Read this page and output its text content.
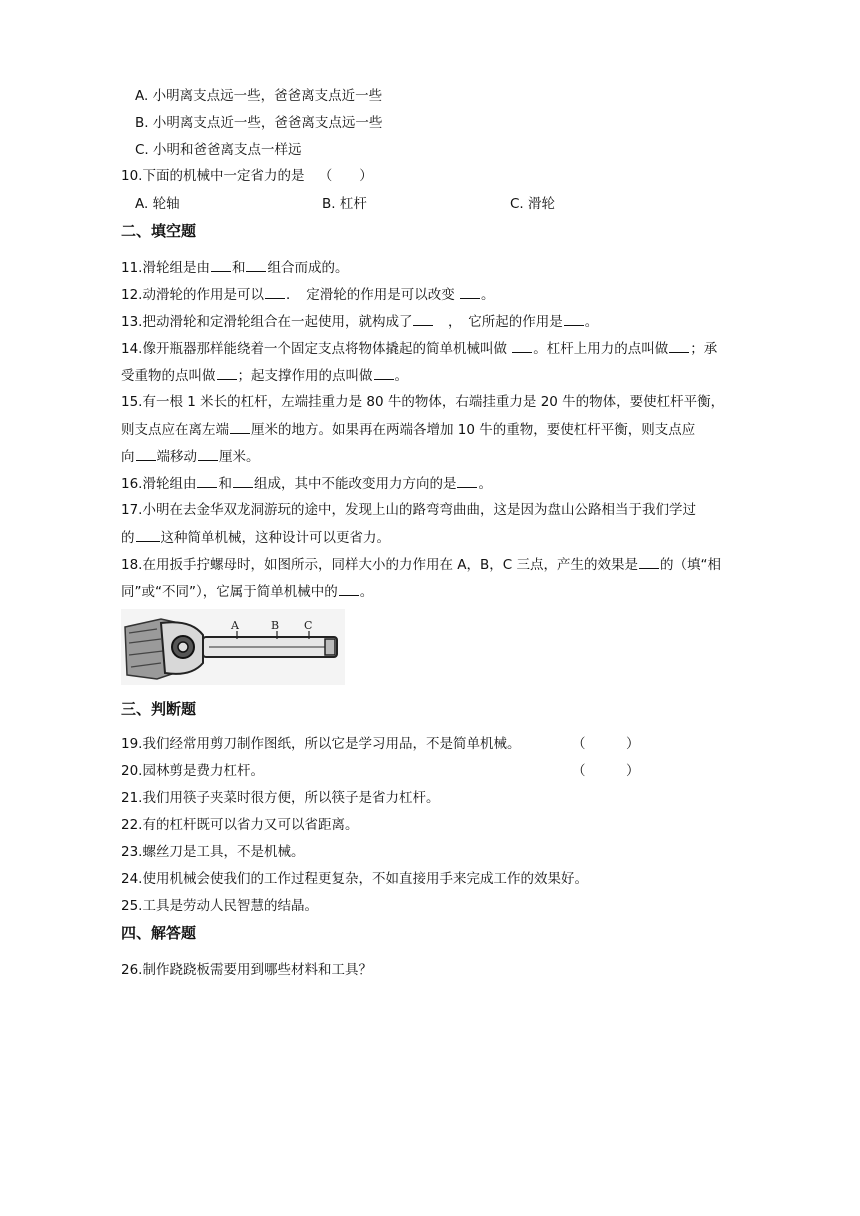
A. 小明离支点远一些，爸爸离支点近一些
B. 小明离支点近一些，爸爸离支点远一些
C. 小明和爸爸离支点一样远
10.下面的机械中一定省力的是 （　　）
A. 轮轴	B. 杠杆	C. 滑轮
二、填空题
11.滑轮组是由 和 组合而成的。
12.动滑轮的作用是可以 ．　定滑轮的作用是可以改变 。
13.把动滑轮和定滑轮组合在一起使用，就构成了　，　它所起的作用是 。
14.像开瓶器那样能绕着一个固定支点将物体撬起的简单机械叫做 。杠杆上用力的点叫做 ；承
受重物的点叫做 ；起支撑作用的点叫做 。
15.有一根 1 米长的杠杆，左端挂重力是 80 牛的物体，右端挂重力是 20 牛的物体，要使杠杆平衡，
则支点应在离左端 厘米的地方。如果再在两端各增加 10 牛的重物，要使杠杆平衡，则支点应
向 端移动 厘米。
16.滑轮组由 和 组成，其中不能改变用力方向的是 。
17.小明在去金华双龙洞游玩的途中，发现上山的路弯弯曲曲，这是因为盘山公路相当于我们学过
的 这种简单机械，这种设计可以更省力。
18.在用扳手拧螺母时，如图所示，同样大小的力作用在 A，B，C 三点，产生的效果是 的（填“相
同”或“不同”），它属于简单机械中的 。
A	B C
三、判断题
19.我们经常用剪刀制作图纸，所以它是学习用品，不是简单机械。	（　　　）
20.园林剪是费力杠杆。	（　　　）
21.我们用筷子夹菜时很方便，所以筷子是省力杠杆。
22.有的杠杆既可以省力又可以省距离。
23.螺丝刀是工具，不是机械。
24.使用机械会使我们的工作过程更复杂，不如直接用手来完成工作的效果好。
25.工具是劳动人民智慧的结晶。
四、解答题
26.制作跷跷板需要用到哪些材料和工具？
